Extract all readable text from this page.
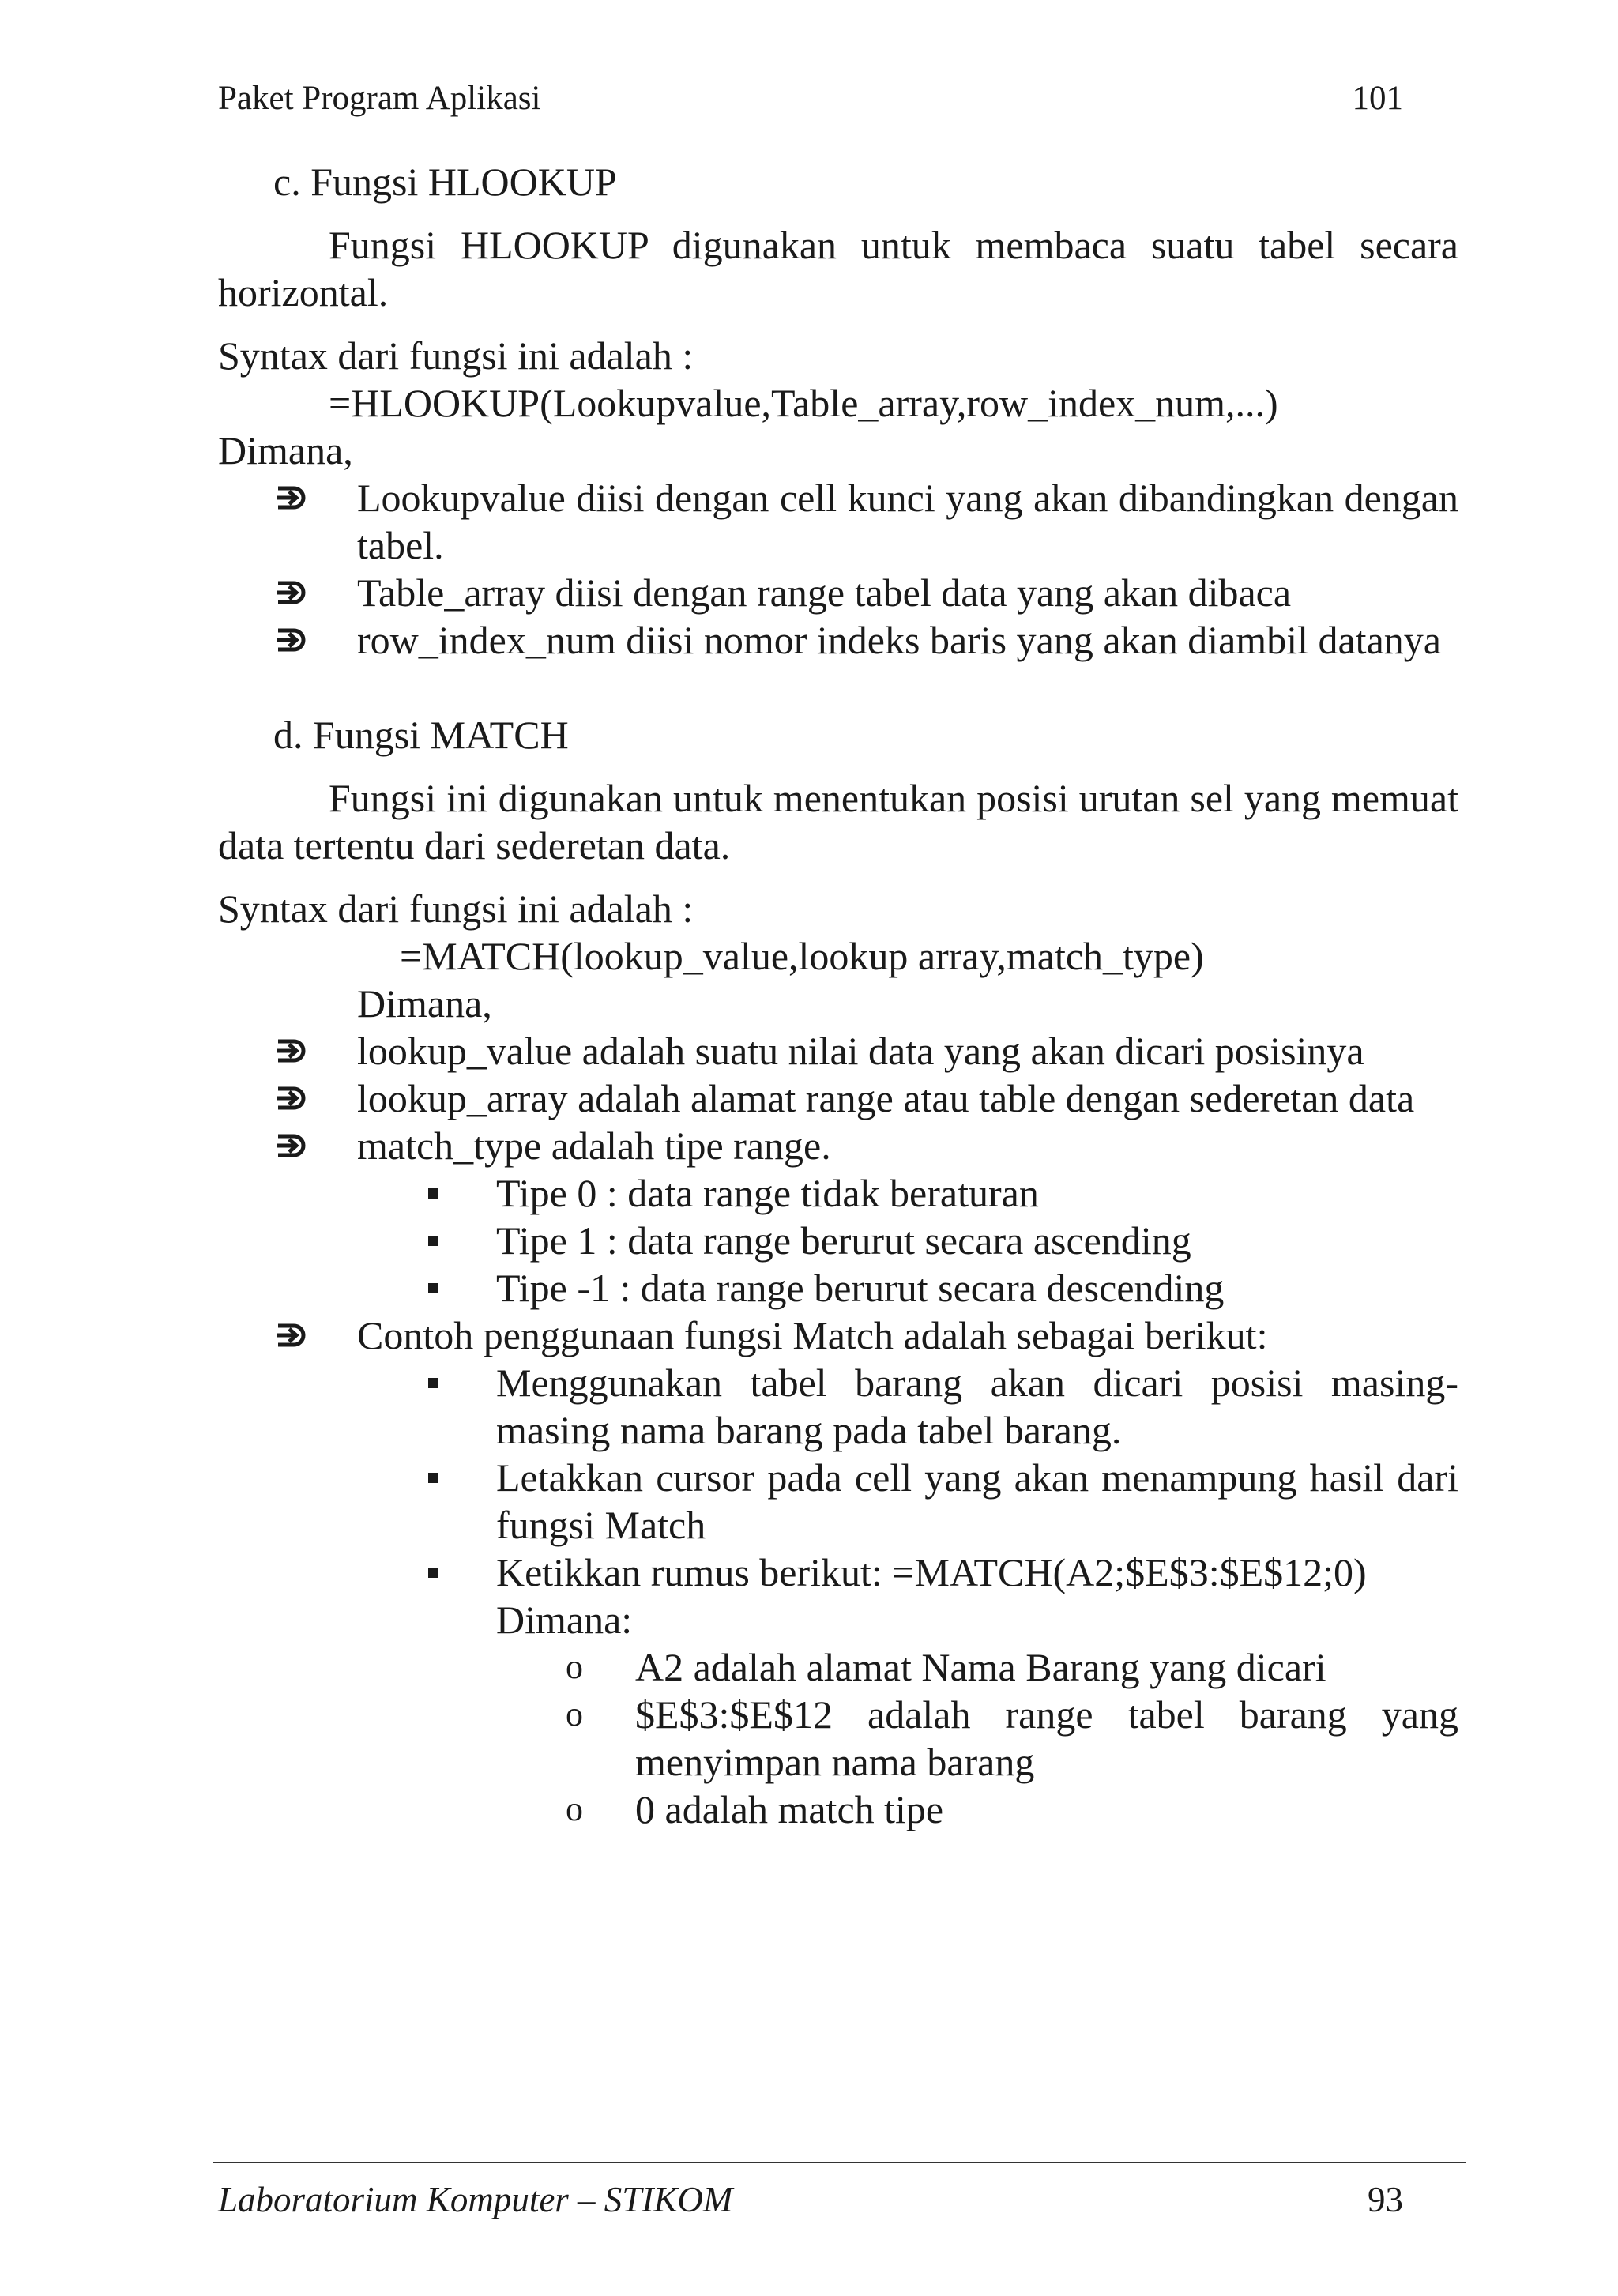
Paket Program Aplikasi	101

c. Fungsi HLOOKUP

Fungsi HLOOKUP digunakan untuk membaca suatu tabel secara horizontal.

Syntax dari fungsi ini adalah :

=HLOOKUP(Lookupvalue,Table_array,row_index_num,...)

Dimana,

Lookupvalue diisi dengan cell kunci yang akan dibandingkan dengan tabel.
Table_array diisi dengan range tabel data yang akan dibaca
row_index_num diisi nomor indeks baris yang akan diambil datanya

d. Fungsi MATCH

Fungsi ini digunakan untuk menentukan posisi urutan sel yang memuat data tertentu dari sederetan data.

Syntax dari fungsi ini adalah :

=MATCH(lookup_value,lookup array,match_type)

Dimana,

lookup_value adalah suatu nilai data yang akan dicari posisinya
lookup_array adalah alamat range atau table dengan sederetan data
match_type adalah tipe range.
Tipe 0 : data range tidak beraturan
Tipe 1 : data range berurut secara ascending
Tipe -1 : data range berurut secara descending
Contoh penggunaan fungsi Match adalah sebagai berikut:
Menggunakan tabel barang akan dicari posisi masing-masing nama barang pada tabel barang.
Letakkan cursor pada cell yang akan menampung hasil dari fungsi Match
Ketikkan rumus berikut: =MATCH(A2;$E$3:$E$12;0)
Dimana:
o A2 adalah alamat Nama Barang yang dicari
o $E$3:$E$12 adalah range tabel barang yang menyimpan nama barang
o 0 adalah match tipe
Laboratorium Komputer – STIKOM	93
